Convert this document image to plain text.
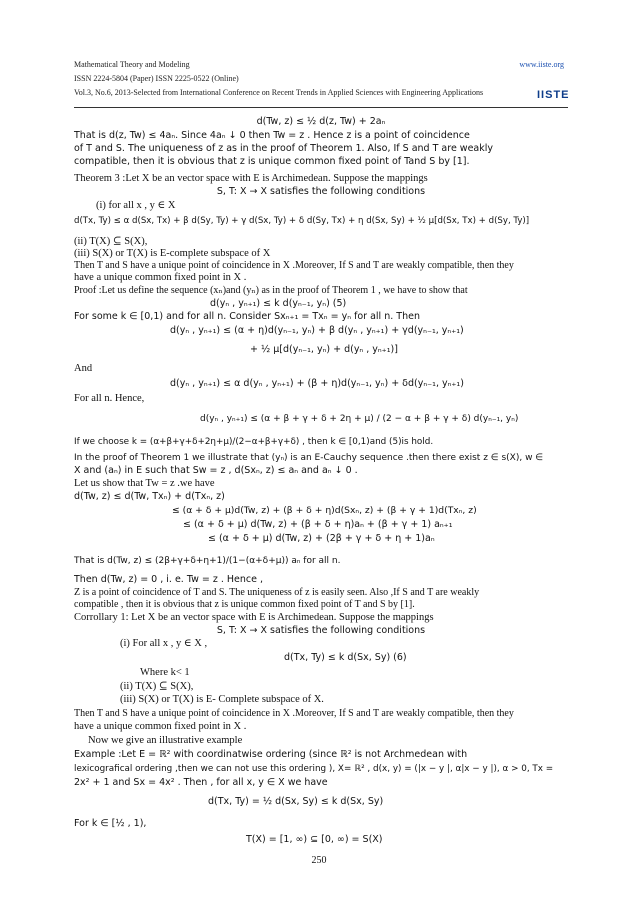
Mathematical Theory and Modeling	www.iiste.org
ISSN 2224-5804 (Paper) ISSN 2225-0522 (Online)
Vol.3, No.6, 2013-Selected from International Conference on Recent Trends in Applied Sciences with Engineering Applications	IISTE
d(Tw, z) ≤ ½ d(z, Tw) + 2aₙ
That is d(z, Tw) ≤ 4aₙ. Since 4aₙ ↓ 0 then Tw = z . Hence z is a point of coincidence
of T and S. The uniqueness of z as in the proof of Theorem 1. Also, If S and T are weakly
compatible, then it is obvious that z is unique common fixed point of Tand S by [1].
Theorem 3 :Let X be an vector space with E is Archimedean. Suppose the mappings
S, T: X → X satisfies the following conditions
(i) for all x , y ∈ X
d(Tx, Ty) ≤ α d(Sx, Tx) + β d(Sy, Ty) + γ d(Sx, Ty) + δ d(Sy, Tx) + η d(Sx, Sy) + ½ μ[d(Sx, Tx) + d(Sy, Ty)]
(ii) T(X) ⊆ S(X),
(iii) S(X) or T(X) is E-complete subspace of X
Then T and S have a unique point of coincidence in X .Moreover, If S and T are weakly compatible, then they
have a unique common fixed point in X .
Proof :Let us define the sequence (xₙ)and (yₙ) as in the proof of Theorem 1 , we have to show that
d(yₙ , yₙ₊₁) ≤ k d(yₙ₋₁, yₙ) (5)
For some k ∈ [0,1) and for all n. Consider Sxₙ₊₁ = Txₙ = yₙ for all n. Then
d(yₙ , yₙ₊₁) ≤ (α + η)d(yₙ₋₁, yₙ) + β d(yₙ , yₙ₊₁) + γd(yₙ₋₁, yₙ₊₁)
+ ½ μ[d(yₙ₋₁, yₙ) + d(yₙ , yₙ₊₁)]
And
d(yₙ , yₙ₊₁) ≤ α d(yₙ , yₙ₊₁) + (β + η)d(yₙ₋₁, yₙ) + δd(yₙ₋₁, yₙ₊₁)
For all n. Hence,
d(yₙ , yₙ₊₁) ≤ (α + β + γ + δ + 2η + μ) / (2 − α + β + γ + δ) d(yₙ₋₁, yₙ)
If we choose k = (α+β+γ+δ+2η+μ)/(2−α+β+γ+δ) , then k ∈ [0,1)and (5)is hold.
In the proof of Theorem 1 we illustrate that (yₙ) is an E-Cauchy sequence .then there exist z ∈ s(X), w ∈
X and (aₙ) in E such that Sw = z , d(Sxₙ, z) ≤ aₙ and aₙ ↓ 0 .
Let us show that Tw = z .we have
d(Tw, z) ≤ d(Tw, Txₙ) + d(Txₙ, z)
≤ (α + δ + μ)d(Tw, z) + (β + δ + η)d(Sxₙ, z) + (β + γ + 1)d(Txₙ, z)
≤ (α + δ + μ) d(Tw, z) + (β + δ + η)aₙ + (β + γ + 1) aₙ₊₁
≤ (α + δ + μ) d(Tw, z) + (2β + γ + δ + η + 1)aₙ
That is d(Tw, z) ≤ (2β+γ+δ+η+1)/(1−(α+δ+μ)) aₙ for all n.
Then d(Tw, z) = 0 , i. e. Tw = z . Hence ,
Z is a point of coincidence of T and S. The uniqueness of z is easily seen. Also ,If S and T are weakly
compatible , then it is obvious that z is unique common fixed point of T and S by [1].
Corrollary 1: Let X be an vector space with E is Archimedean. Suppose the mappings
S, T: X → X satisfies the following conditions
(i) For all x , y ∈ X ,
d(Tx, Ty) ≤ k d(Sx, Sy) (6)
Where k< 1
(ii) T(X) ⊆ S(X),
(iii) S(X) or T(X) is E- Complete subspace of X.
Then T and S have a unique point of coincidence in X .Moreover, If S and T are weakly compatible, then they
have a unique common fixed point in X .
Now we give an illustrative example
Example :Let E = ℝ² with coordinatwise ordering (since ℝ² is not Archmedean with
lexicografical ordering ,then we can not use this ordering ), X= ℝ² , d(x, y) = (|x − y |, α|x − y |), α > 0, Tx =
2x² + 1 and Sx = 4x² . Then , for all x, y ∈ X we have
d(Tx, Ty) = ½ d(Sx, Sy) ≤ k d(Sx, Sy)
For k ∈ [½ , 1),
T(X) = [1, ∞) ⊆ [0, ∞) = S(X)
250
